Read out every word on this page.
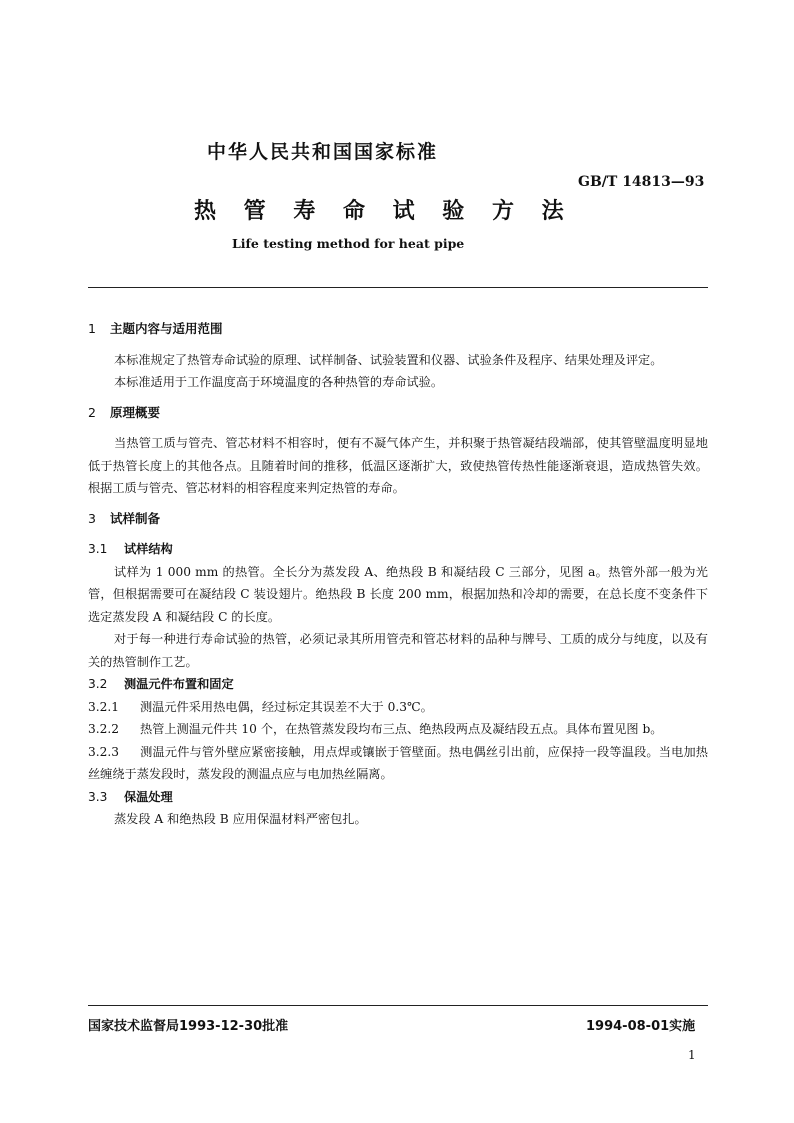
中华人民共和国国家标准
GB/T 14813—93
热 管 寿 命 试 验 方 法
Life testing method for heat pipe
1 主题内容与适用范围

本标准规定了热管寿命试验的原理、试样制备、试验装置和仪器、试验条件及程序、结果处理及评定。

本标准适用于工作温度高于环境温度的各种热管的寿命试验。

2 原理概要

当热管工质与管壳、管芯材料不相容时，便有不凝气体产生，并积聚于热管凝结段端部，使其管壁温度明显地低于热管长度上的其他各点。且随着时间的推移，低温区逐渐扩大，致使热管传热性能逐渐衰退，造成热管失效。根据工质与管壳、管芯材料的相容程度来判定热管的寿命。

3 试样制备
3.1 试样结构

试样为 1 000 mm 的热管。全长分为蒸发段 A、绝热段 B 和凝结段 C 三部分，见图 a。热管外部一般为光管，但根据需要可在凝结段 C 装设翅片。绝热段 B 长度 200 mm，根据加热和冷却的需要，在总长度不变条件下选定蒸发段 A 和凝结段 C 的长度。

对于每一种进行寿命试验的热管，必须记录其所用管壳和管芯材料的品种与牌号、工质的成分与纯度，以及有关的热管制作工艺。

3.2 测温元件布置和固定

3.2.1 测温元件采用热电偶，经过标定其误差不大于 0.3℃。

3.2.2 热管上测温元件共 10 个，在热管蒸发段均布三点、绝热段两点及凝结段五点。具体布置见图 b。

3.2.3 测温元件与管外壁应紧密接触，用点焊或镶嵌于管壁面。热电偶丝引出前，应保持一段等温段。当电加热丝缠绕于蒸发段时，蒸发段的测温点应与电加热丝隔离。

3.3 保温处理

蒸发段 A 和绝热段 B 应用保温材料严密包扎。

国家技术监督局1993-12-30批准	1994-08-01实施
1
